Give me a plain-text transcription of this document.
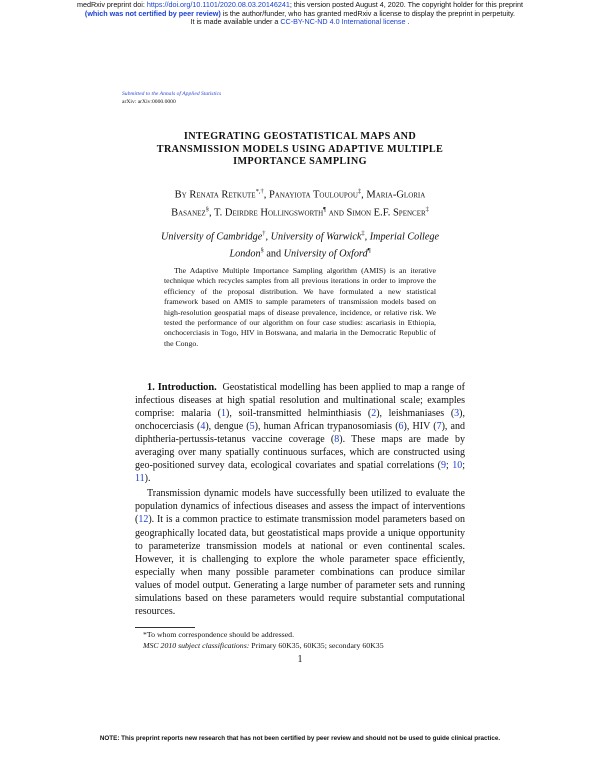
medRxiv preprint doi: https://doi.org/10.1101/2020.08.03.20146241; this version posted August 4, 2020. The copyright holder for this preprint
(which was not certified by peer review) is the author/funder, who has granted medRxiv a license to display the preprint in perpetuity.
It is made available under a CC-BY-NC-ND 4.0 International license .
Submitted to the Annals of Applied Statistics
arXiv: arXiv:0000.0000
INTEGRATING GEOSTATISTICAL MAPS AND
TRANSMISSION MODELS USING ADAPTIVE MULTIPLE
IMPORTANCE SAMPLING
By Renata Retkute*,†, Panayiota Touloupou‡, Maria-Gloria
Basanez§, T. Deirdre Hollingsworth¶ and Simon E.F. Spencer‡
University of Cambridge†, University of Warwick‡, Imperial College
London§ and University of Oxford¶

The Adaptive Multiple Importance Sampling algorithm (AMIS) is an iterative technique which recycles samples from all previous iterations in order to improve the efficiency of the proposal distribution. We have formulated a new statistical framework based on AMIS to sample parameters of transmission models based on high-resolution geospatial maps of disease prevalence, incidence, or relative risk. We tested the performance of our algorithm on four case studies: ascariasis in Ethiopia, onchocerciasis in Togo, HIV in Botswana, and malaria in the Democratic Republic of the Congo.

1. Introduction. Geostatistical modelling has been applied to map a range of infectious diseases at high spatial resolution and multinational scale; examples comprise: malaria (1), soil-transmitted helminthiasis (2), leishmaniases (3), onchocerciasis (4), dengue (5), human African trypanosomiasis (6), HIV (7), and diphtheria-pertussis-tetanus vaccine coverage (8). These maps are made by averaging over many spatially continuous surfaces, which are constructed using geo-positioned survey data, ecological covariates and spatial correlations (9; 10; 11).

Transmission dynamic models have successfully been utilized to evaluate the population dynamics of infectious diseases and assess the impact of interventions (12). It is a common practice to estimate transmission model parameters based on geographically located data, but geostatistical maps provide a unique opportunity to parameterize transmission models at national or even continental scales. However, it is challenging to explore the whole parameter space efficiently, especially when many possible parameter combinations can produce similar values of model output. Generating a large number of parameter sets and running simulations based on these parameters would require substantial computational resources.

*To whom correspondence should be addressed.
MSC 2010 subject classifications: Primary 60K35, 60K35; secondary 60K35
1
NOTE: This preprint reports new research that has not been certified by peer review and should not be used to guide clinical practice.
